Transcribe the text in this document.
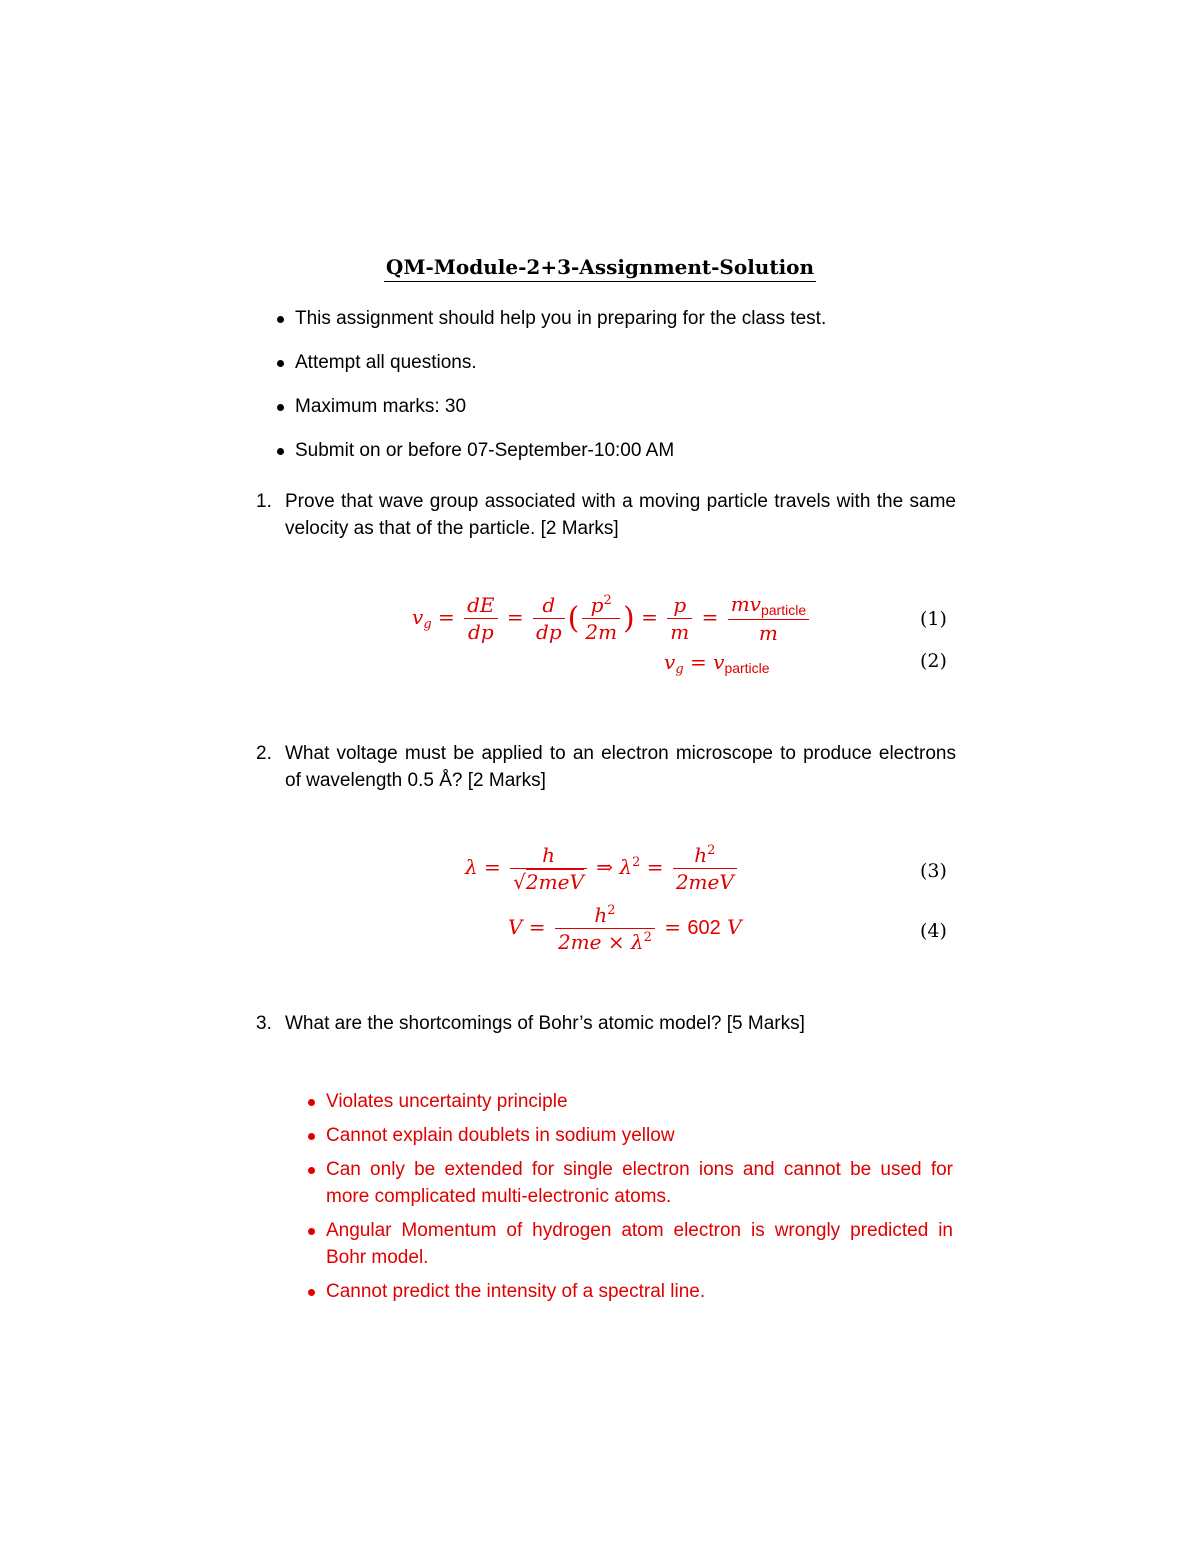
QM-Module-2+3-Assignment-Solution
This assignment should help you in preparing for the class test.
Attempt all questions.
Maximum marks: 30
Submit on or before 07-September-10:00 AM
1. Prove that wave group associated with a moving particle travels with the same velocity as that of the particle. [2 Marks]
$v_g = \frac{dE}{dp} = \frac{d}{dp}$ ( $\frac{p^2}{2m}$ ) = $\frac{p}{m} = \frac{mv_{particle}}{m}$	(1)
$v_g = v_{particle}$	(2)
2. What voltage must be applied to an electron microscope to produce electrons of wavelength 0.5 Å? [2 Marks]
$\lambda = \frac{h}{\text{√2meV}}$ ⇒ $\lambda^2 = \frac{h^2}{\text{2meV}}$	(3)
$V = \frac{h^2}{2me \times \lambda^2} = 602$ V	(4)
3. What are the shortcomings of Bohr’s atomic model? [5 Marks]
Violates uncertainty principle
Cannot explain doublets in sodium yellow
Can only be extended for single electron ions and cannot be used for more complicated multi-electronic atoms.
Angular Momentum of hydrogen atom electron is wrongly predicted in Bohr model.
Cannot predict the intensity of a spectral line.
